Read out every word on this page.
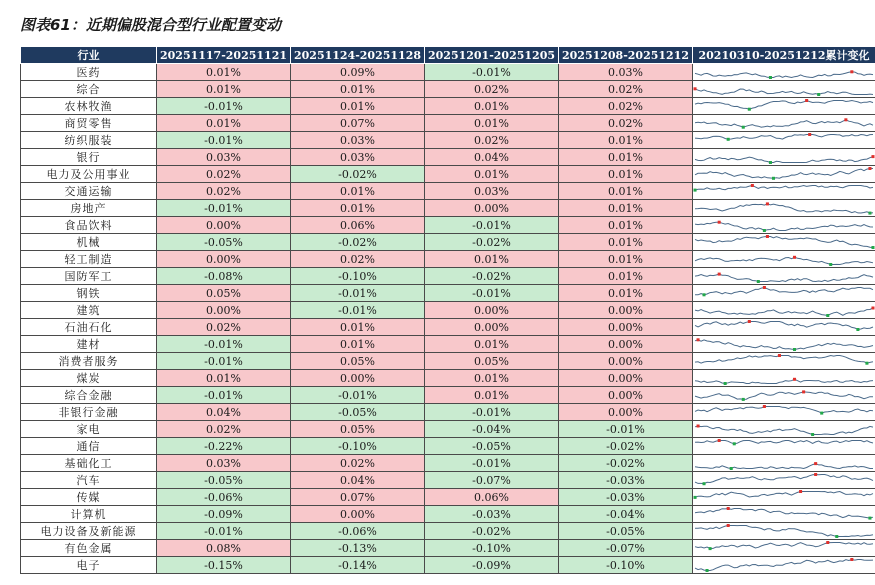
图表61：近期偏股混合型行业配置变动
行业	20251117-20251121	20251124-20251128	20251201-20251205	20251208-20251212	20210310-20251212累计变化
医药	0.01%	0.09%	-0.01%	0.03%	

综合	0.01%	0.01%	0.02%	0.02%	

农林牧渔	-0.01%	0.01%	0.01%	0.02%	

商贸零售	0.01%	0.07%	0.01%	0.02%	

纺织服装	-0.01%	0.03%	0.02%	0.01%	

银行	0.03%	0.03%	0.04%	0.01%	

电力及公用事业	0.02%	-0.02%	0.01%	0.01%	

交通运输	0.02%	0.01%	0.03%	0.01%	

房地产	-0.01%	0.01%	0.00%	0.01%	

食品饮料	0.00%	0.06%	-0.01%	0.01%	

机械	-0.05%	-0.02%	-0.02%	0.01%	

轻工制造	0.00%	0.02%	0.01%	0.01%	

国防军工	-0.08%	-0.10%	-0.02%	0.01%	

钢铁	0.05%	-0.01%	-0.01%	0.01%	

建筑	0.00%	-0.01%	0.00%	0.00%	

石油石化	0.02%	0.01%	0.00%	0.00%	

建材	-0.01%	0.01%	0.01%	0.00%	

消费者服务	-0.01%	0.05%	0.05%	0.00%	

煤炭	0.01%	0.00%	0.01%	0.00%	

综合金融	-0.01%	-0.01%	0.01%	0.00%	

非银行金融	0.04%	-0.05%	-0.01%	0.00%	

家电	0.02%	0.05%	-0.04%	-0.01%	

通信	-0.22%	-0.10%	-0.05%	-0.02%	

基础化工	0.03%	0.02%	-0.01%	-0.02%	

汽车	-0.05%	0.04%	-0.07%	-0.03%	

传媒	-0.06%	0.07%	0.06%	-0.03%	

计算机	-0.09%	0.00%	-0.03%	-0.04%	

电力设备及新能源	-0.01%	-0.06%	-0.02%	-0.05%	

有色金属	0.08%	-0.13%	-0.10%	-0.07%	

电子	-0.15%	-0.14%	-0.09%	-0.10%	
